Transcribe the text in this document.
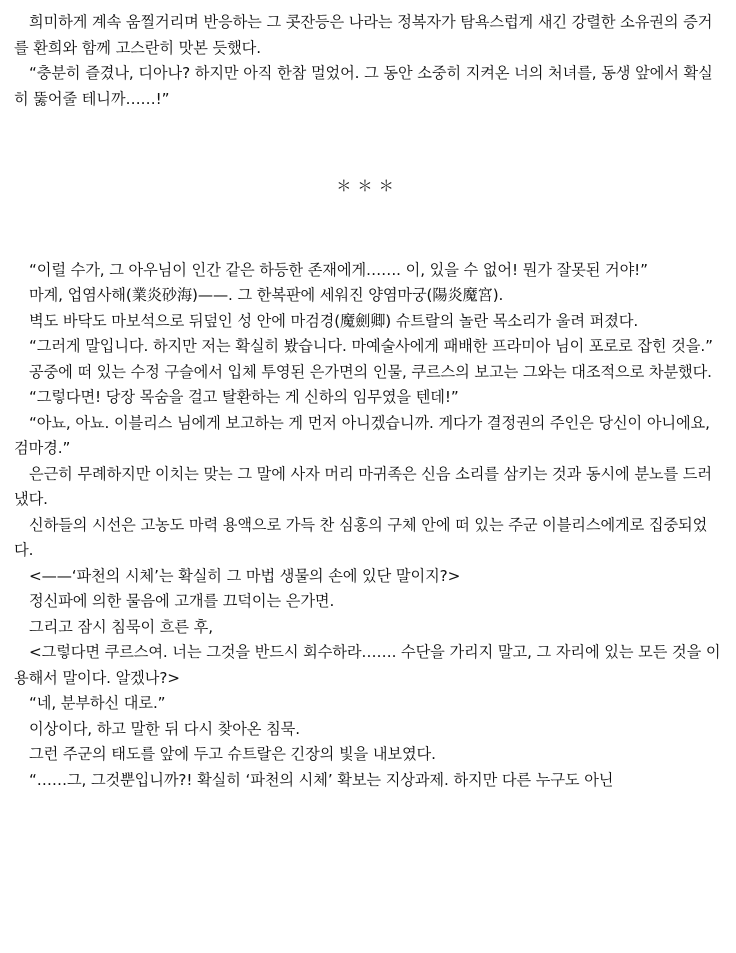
희미하게 계속 움찔거리며 반응하는 그 콧잔등은 나라는 정복자가 탐욕스럽게 새긴 강렬한 소유권의 증거를 환희와 함께 고스란히 맛본 듯했다.

“충분히 즐겼나, 디아나? 하지만 아직 한참 멀었어. 그 동안 소중히 지켜온 너의 처녀를, 동생 앞에서 확실히 뚫어줄 테니까……!”

＊＊＊

“이럴 수가, 그 아우님이 인간 같은 하등한 존재에게……. 이, 있을 수 없어! 뭔가 잘못된 거야!”

마계, 업염사해(業炎砂海)——. 그 한복판에 세워진 양염마궁(陽炎魔宮).

벽도 바닥도 마보석으로 뒤덮인 성 안에 마검경(魔劍卿) 슈트랄의 놀란 목소리가 울려 퍼졌다.

“그러게 말입니다. 하지만 저는 확실히 봤습니다. 마예술사에게 패배한 프라미아 님이 포로로 잡힌 것을.”

공중에 떠 있는 수정 구슬에서 입체 투영된 은가면의 인물, 쿠르스의 보고는 그와는 대조적으로 차분했다.

“그렇다면! 당장 목숨을 걸고 탈환하는 게 신하의 임무였을 텐데!”

“아뇨, 아뇨. 이블리스 님에게 보고하는 게 먼저 아니겠습니까. 게다가 결정권의 주인은 당신이 아니에요, 검마경.”

은근히 무례하지만 이치는 맞는 그 말에 사자 머리 마귀족은 신음 소리를 삼키는 것과 동시에 분노를 드러냈다.

신하들의 시선은 고농도 마력 용액으로 가득 찬 심홍의 구체 안에 떠 있는 주군 이블리스에게로 집중되었다.

<——‘파천의 시체’는 확실히 그 마법 생물의 손에 있단 말이지?>

정신파에 의한 물음에 고개를 끄덕이는 은가면.

그리고 잠시 침묵이 흐른 후,

<그렇다면 쿠르스여. 너는 그것을 반드시 회수하라……. 수단을 가리지 말고, 그 자리에 있는 모든 것을 이용해서 말이다. 알겠나?>

“네, 분부하신 대로.”

이상이다, 하고 말한 뒤 다시 찾아온 침묵.

그런 주군의 태도를 앞에 두고 슈트랄은 긴장의 빛을 내보였다.

“……그, 그것뿐입니까?! 확실히 ‘파천의 시체’ 확보는 지상과제. 하지만 다른 누구도 아닌
